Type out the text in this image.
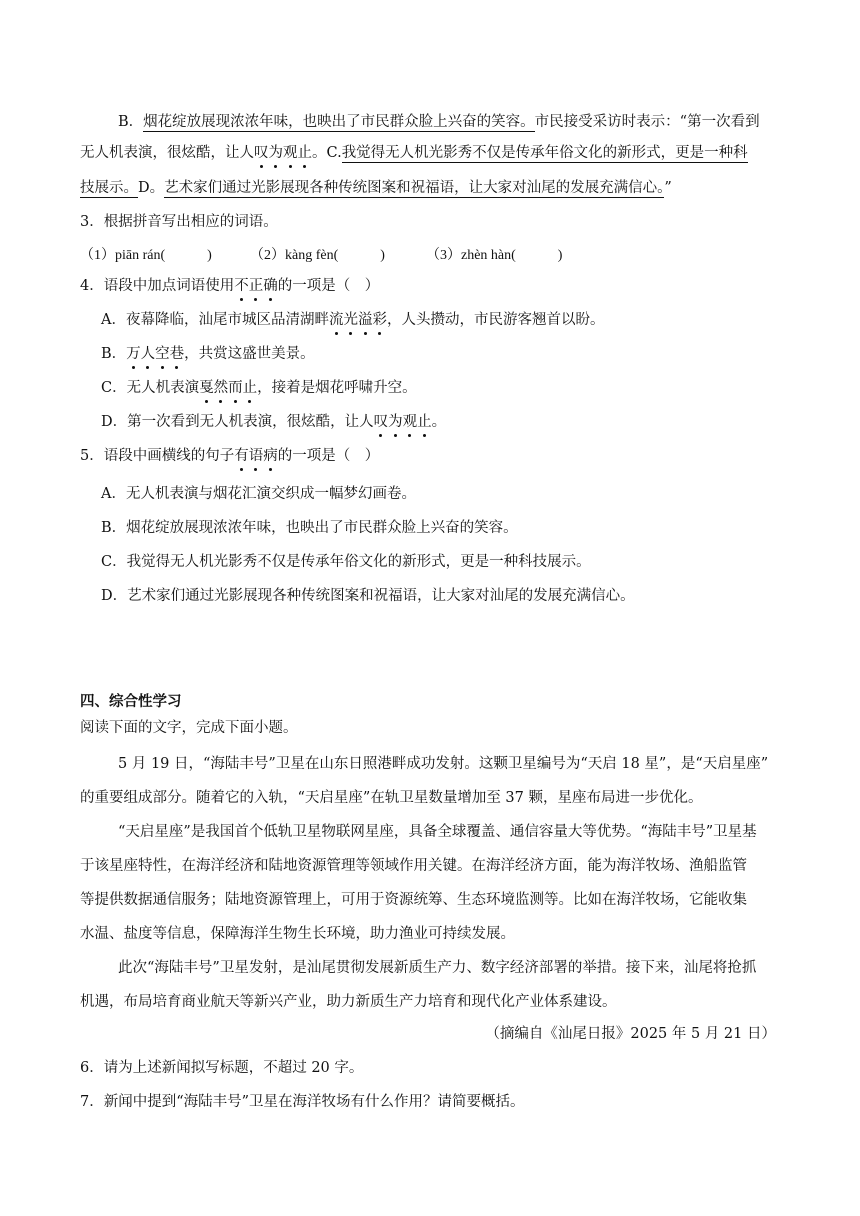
B．烟花绽放展现浓浓年味，也映出了市民群众脸上兴奋的笑容。市民接受采访时表示：“第一次看到
无人机表演，很炫酷，让人叹为观止。C.我觉得无人机光影秀不仅是传承年俗文化的新形式，更是一种科
技展示。D。艺术家们通过光影展现各种传统图案和祝福语，让大家对汕尾的发展充满信心。”
3．根据拼音写出相应的词语。
（1）piān rán(　　　)	（2）kàng fèn(　　　)	（3）zhèn hàn(　　　)
4．语段中加点词语使用不正确的一项是（　）
A．夜幕降临，汕尾市城区品清湖畔流光溢彩，人头攒动，市民游客翘首以盼。
B．万人空巷，共赏这盛世美景。
C．无人机表演戛然而止，接着是烟花呼啸升空。
D．第一次看到无人机表演，很炫酷，让人叹为观止。
5．语段中画横线的句子有语病的一项是（　）
A．无人机表演与烟花汇演交织成一幅梦幻画卷。
B．烟花绽放展现浓浓年味，也映出了市民群众脸上兴奋的笑容。
C．我觉得无人机光影秀不仅是传承年俗文化的新形式，更是一种科技展示。
D．艺术家们通过光影展现各种传统图案和祝福语，让大家对汕尾的发展充满信心。
四、综合性学习
阅读下面的文字，完成下面小题。
5 月 19 日，“海陆丰号”卫星在山东日照港畔成功发射。这颗卫星编号为“天启 18 星”，是“天启星座”
的重要组成部分。随着它的入轨，“天启星座”在轨卫星数量增加至 37 颗，星座布局进一步优化。
“天启星座”是我国首个低轨卫星物联网星座，具备全球覆盖、通信容量大等优势。“海陆丰号”卫星基
于该星座特性，在海洋经济和陆地资源管理等领域作用关键。在海洋经济方面，能为海洋牧场、渔船监管
等提供数据通信服务；陆地资源管理上，可用于资源统筹、生态环境监测等。比如在海洋牧场，它能收集
水温、盐度等信息，保障海洋生物生长环境，助力渔业可持续发展。
此次“海陆丰号”卫星发射，是汕尾贯彻发展新质生产力、数字经济部署的举措。接下来，汕尾将抢抓
机遇，布局培育商业航天等新兴产业，助力新质生产力培育和现代化产业体系建设。
（摘编自《汕尾日报》2025 年 5 月 21 日）
6．请为上述新闻拟写标题，不超过 20 字。
7．新闻中提到“海陆丰号”卫星在海洋牧场有什么作用？请简要概括。
